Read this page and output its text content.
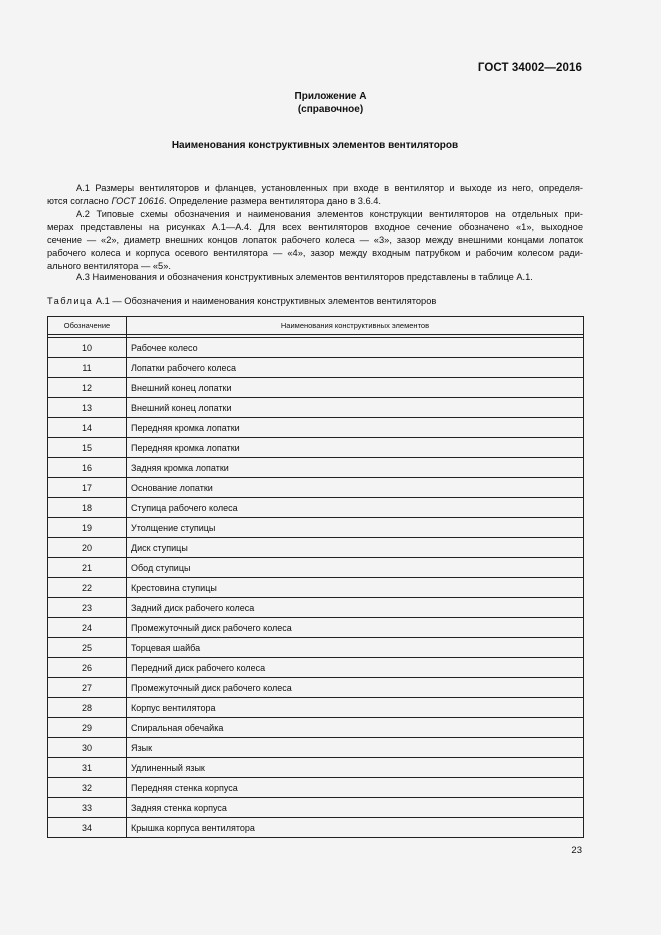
ГОСТ 34002—2016
Приложение А
(справочное)
Наименования конструктивных элементов вентиляторов
А.1 Размеры вентиляторов и фланцев, установленных при входе в вентилятор и выходе из него, определя-
ются согласно ГОСТ 10616. Определение размера вентилятора дано в 3.6.4.
А.2 Типовые схемы обозначения и наименования элементов конструкции вентиляторов на отдельных при-
мерах представлены на рисунках А.1—А.4. Для всех вентиляторов входное сечение обозначено «1», выходное
сечение — «2», диаметр внешних концов лопаток рабочего колеса — «3», зазор между внешними концами лопаток
рабочего колеса и корпуса осевого вентилятора — «4», зазор между входным патрубком и рабочим колесом ради-
ального вентилятора — «5».
А.3 Наименования и обозначения конструктивных элементов вентиляторов представлены в таблице А.1.
Таблица А.1 — Обозначения и наименования конструктивных элементов вентиляторов
Обозначение	Наименования конструктивных элементов

10	Рабочее колесо
11	Лопатки рабочего колеса
12	Внешний конец лопатки
13	Внешний конец лопатки
14	Передняя кромка лопатки
15	Передняя кромка лопатки
16	Задняя кромка лопатки
17	Основание лопатки
18	Ступица рабочего колеса
19	Утолщение ступицы
20	Диск ступицы
21	Обод ступицы
22	Крестовина ступицы
23	Задний диск рабочего колеса
24	Промежуточный диск рабочего колеса
25	Торцевая шайба
26	Передний диск рабочего колеса
27	Промежуточный диск рабочего колеса
28	Корпус вентилятора
29	Спиральная обечайка
30	Язык
31	Удлиненный язык
32	Передняя стенка корпуса
33	Задняя стенка корпуса
34	Крышка корпуса вентилятора
23
